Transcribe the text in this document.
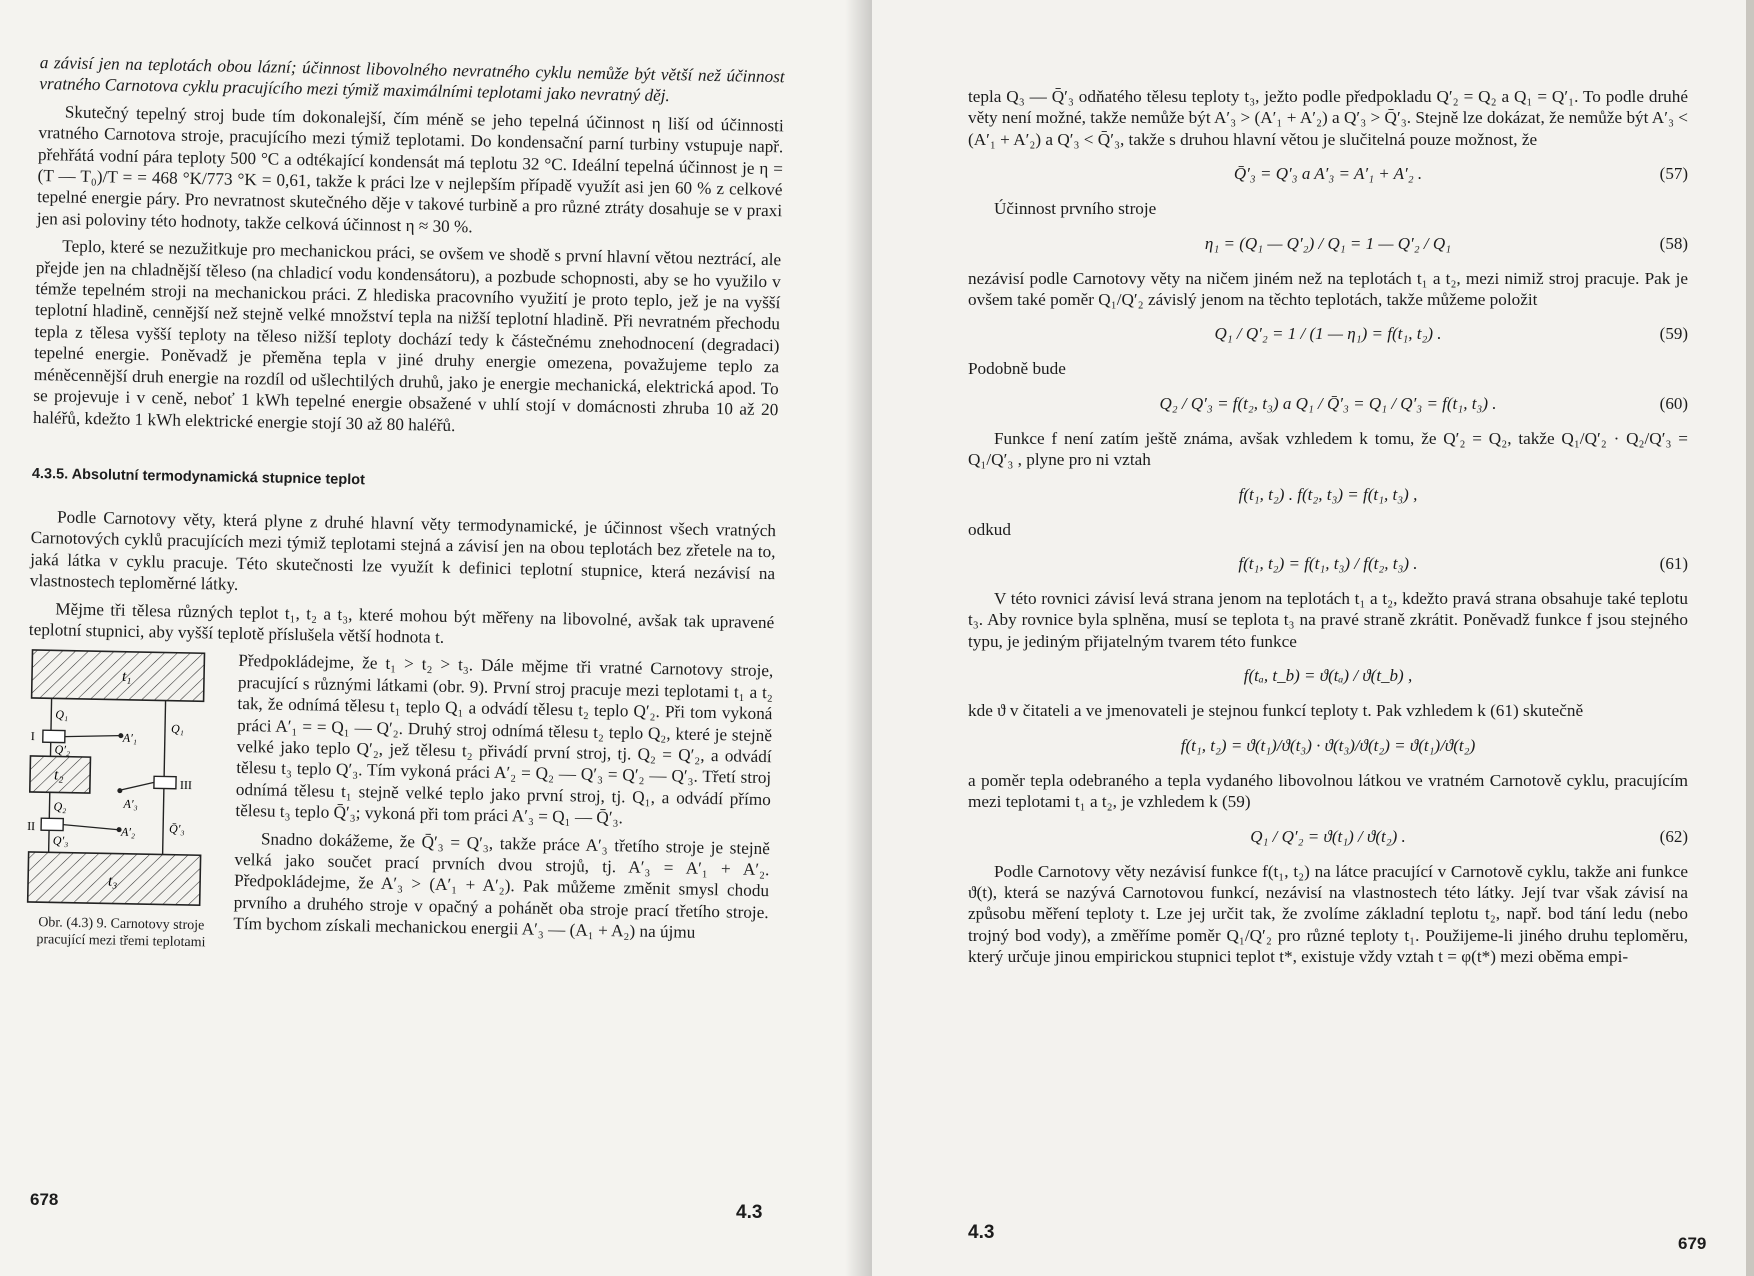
a závisí jen na teplotách obou lázní; účinnost libovolného nevratného cyklu nemůže být větší než účinnost vratného Carnotova cyklu pracujícího mezi týmiž maximálními teplotami jako nevratný děj.

Skutečný tepelný stroj bude tím dokonalejší, čím méně se jeho tepelná účinnost η liší od účinnosti vratného Carnotova stroje, pracujícího mezi týmiž teplotami. Do kondensační parní turbiny vstupuje např. přehřátá vodní pára teploty 500 °C a odtékající kondensát má teplotu 32 °C. Ideální tepelná účinnost je η = (T — T₀)/T = = 468 °K/773 °K = 0,61, takže k práci lze v nejlepším případě využít asi jen 60 % z celkové tepelné energie páry. Pro nevratnost skutečného děje v takové turbině a pro různé ztráty dosahuje se v praxi jen asi poloviny této hodnoty, takže celková účinnost η ≈ 30 %.

Teplo, které se nezužitkuje pro mechanickou práci, se ovšem ve shodě s první hlavní větou neztrácí, ale přejde jen na chladnější těleso (na chladicí vodu kondensátoru), a pozbude schopnosti, aby se ho využilo v témže tepelném stroji na mechanickou práci. Z hlediska pracovního využití je proto teplo, jež je na vyšší teplotní hladině, cennější než stejně velké množství tepla na nižší teplotní hladině. Při nevratném přechodu tepla z tělesa vyšší teploty na těleso nižší teploty dochází tedy k částečnému znehodnocení (degradaci) tepelné energie. Poněvadž je přeměna tepla v jiné druhy energie omezena, považujeme teplo za méněcennější druh energie na rozdíl od ušlechtilých druhů, jako je energie mechanická, elektrická apod. To se projevuje i v ceně, neboť 1 kWh tepelné energie obsažené v uhlí stojí v domácnosti zhruba 10 až 20 haléřů, kdežto 1 kWh elektrické energie stojí 30 až 80 haléřů.

4.3.5. Absolutní termodynamická stupnice teplot

Podle Carnotovy věty, která plyne z druhé hlavní věty termodynamické, je účinnost všech vratných Carnotových cyklů pracujících mezi týmiž teplotami stejná a závisí jen na obou teplotách bez zřetele na to, jaká látka v cyklu pracuje. Této skutečnosti lze využít k definici teplotní stupnice, která nezávisí na vlastnostech teploměrné látky.

Mějme tři tělesa různých teplot t₁, t₂ a t₃, které mohou být měřeny na libovolné, avšak tak upravené teplotní stupnici, aby vyšší teplotě příslušela větší hodnota t.

t₁
t₂
t₃
I	A′₁
Q₁
Q′₂
II	A′₂
Q₂
Q′₃
III
A′₃
Q₁
Q̄′₃
Obr. (4.3) 9. Carnotovy stroje pracující mezi třemi teplotami

Předpokládejme, že t₁ > t₂ > t₃. Dále mějme tři vratné Carnotovy stroje, pracující s různými látkami (obr. 9). První stroj pracuje mezi teplotami t₁ a t₂ tak, že odnímá tělesu t₁ teplo Q₁ a odvádí tělesu t₂ teplo Q′₂. Při tom vykoná práci A′₁ = = Q₁ — Q′₂. Druhý stroj odnímá tělesu t₂ teplo Q₂, které je stejně velké jako teplo Q′₂, jež tělesu t₂ přivádí první stroj, tj. Q₂ = Q′₂, a odvádí tělesu t₃ teplo Q′₃. Tím vykoná práci A′₂ = Q₂ — Q′₃ = Q′₂ — Q′₃. Třetí stroj odnímá tělesu t₁ stejně velké teplo jako první stroj, tj. Q₁, a odvádí přímo tělesu t₃ teplo Q̄′₃; vykoná při tom práci A′₃ = Q₁ — Q̄′₃.

Snadno dokážeme, že Q̄′₃ = Q′₃, takže práce A′₃ třetího stroje je stejně velká jako součet prací prvních dvou strojů, tj. A′₃ = A′₁ + A′₂. Předpokládejme, že A′₃ > (A′₁ + A′₂). Pak můžeme změnit smysl chodu prvního a druhého stroje v opačný a pohánět oba stroje prací třetího stroje. Tím bychom získali mechanickou energii A′₃ — (A₁ + A₂) na újmu

678
4.3

tepla Q₃ — Q̄′₃ odňatého tělesu teploty t₃, ježto podle předpokladu Q′₂ = Q₂ a Q₁ = Q′₁. To podle druhé věty není možné, takže nemůže být A′₃ > (A′₁ + A′₂) a Q′₃ > Q̄′₃. Stejně lze dokázat, že nemůže být A′₃ < (A′₁ + A′₂) a Q′₃ < Q̄′₃, takže s druhou hlavní větou je slučitelná pouze možnost, že

Q̄′₃ = Q′₃ a A′₃ = A′₁ + A′₂ .	(57)

Účinnost prvního stroje

η₁ = (Q₁ — Q′₂) / Q₁ = 1 — Q′₂ / Q₁	(58)

nezávisí podle Carnotovy věty na ničem jiném než na teplotách t₁ a t₂, mezi nimiž stroj pracuje. Pak je ovšem také poměr Q₁/Q′₂ závislý jenom na těchto teplotách, takže můžeme položit

Q₁ / Q′₂ = 1 / (1 — η₁) = f(t₁, t₂) .	(59)

Podobně bude

Q₂ / Q′₃ = f(t₂, t₃) a Q₁ / Q̄′₃ = Q₁ / Q′₃ = f(t₁, t₃) .	(60)

Funkce f není zatím ještě známa, avšak vzhledem k tomu, že Q′₂ = Q₂, takže Q₁/Q′₂ · Q₂/Q′₃ = Q₁/Q′₃ , plyne pro ni vztah

f(t₁, t₂) . f(t₂, t₃) = f(t₁, t₃) ,

odkud

f(t₁, t₂) = f(t₁, t₃) / f(t₂, t₃) .	(61)

V této rovnici závisí levá strana jenom na teplotách t₁ a t₂, kdežto pravá strana obsahuje také teplotu t₃. Aby rovnice byla splněna, musí se teplota t₃ na pravé straně zkrátit. Poněvadž funkce f jsou stejného typu, je jediným přijatelným tvarem této funkce

f(tₐ, t_b) = ϑ(tₐ) / ϑ(t_b) ,

kde ϑ v čitateli a ve jmenovateli je stejnou funkcí teploty t. Pak vzhledem k (61) skutečně

f(t₁, t₂) = ϑ(t₁)/ϑ(t₃) · ϑ(t₃)/ϑ(t₂) = ϑ(t₁)/ϑ(t₂)

a poměr tepla odebraného a tepla vydaného libovolnou látkou ve vratném Carnotově cyklu, pracujícím mezi teplotami t₁ a t₂, je vzhledem k (59)

Q₁ / Q′₂ = ϑ(t₁) / ϑ(t₂) .	(62)

Podle Carnotovy věty nezávisí funkce f(t₁, t₂) na látce pracující v Carnotově cyklu, takže ani funkce ϑ(t), která se nazývá Carnotovou funkcí, nezávisí na vlastnostech této látky. Její tvar však závisí na způsobu měření teploty t. Lze jej určit tak, že zvolíme základní teplotu t₂, např. bod tání ledu (nebo trojný bod vody), a změříme poměr Q₁/Q′₂ pro různé teploty t₁. Použijeme-li jiného druhu teploměru, který určuje jinou empirickou stupnici teplot t*, existuje vždy vztah t = φ(t*) mezi oběma empi-

4.3
679
